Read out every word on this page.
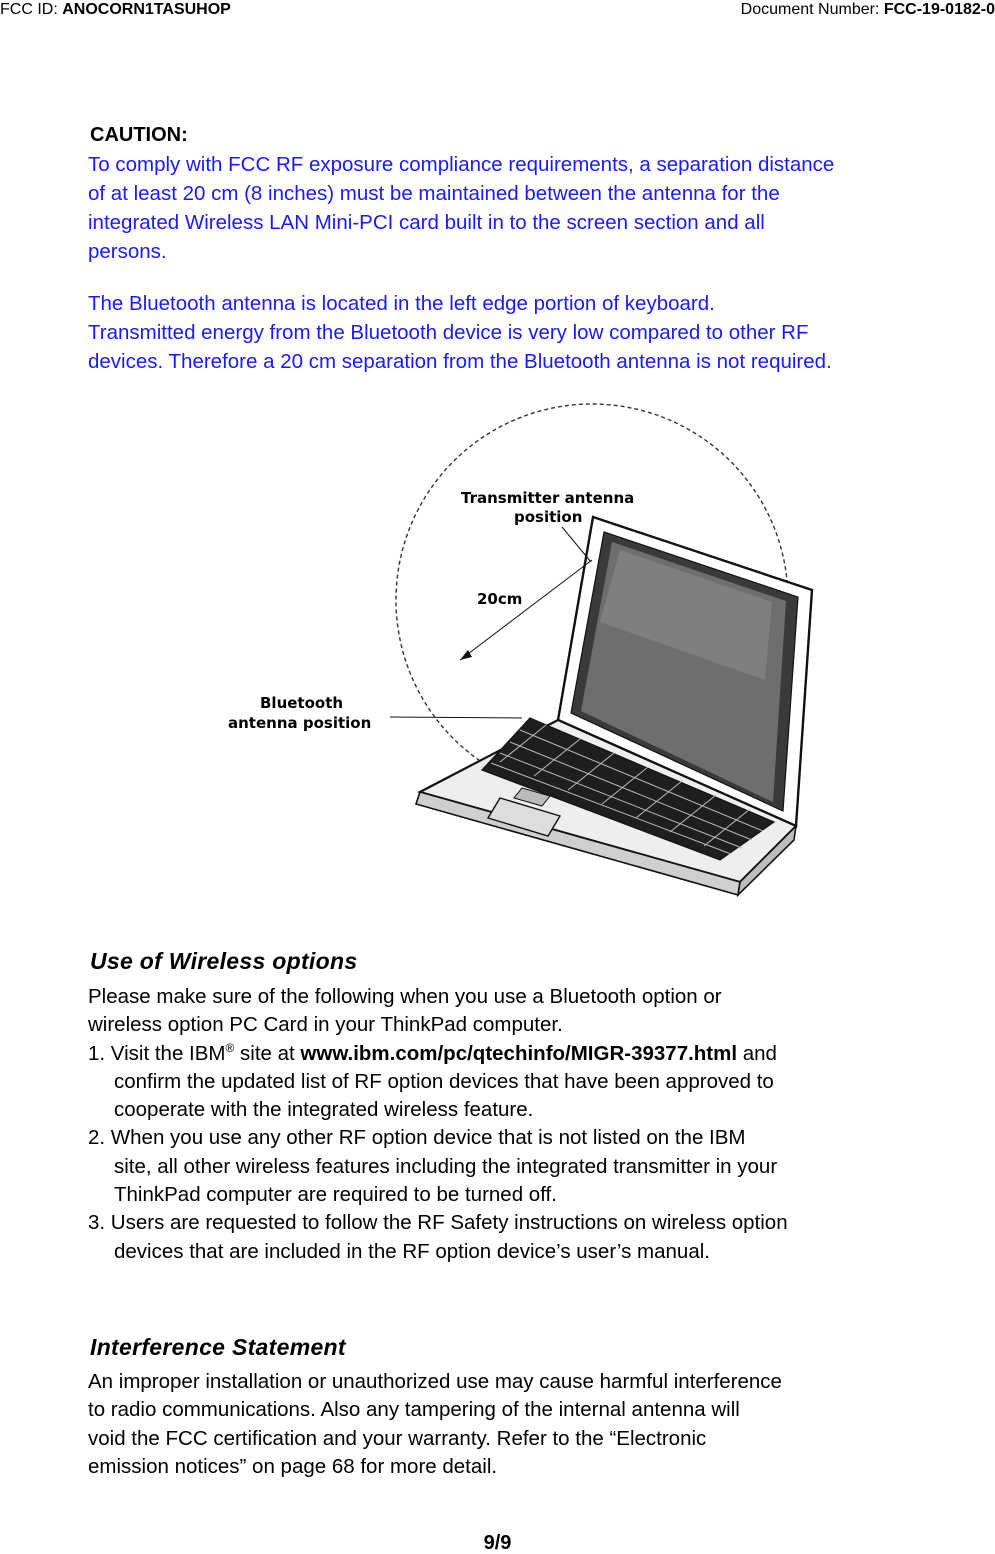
FCC ID: ANOCORN1TASUHOP	Document Number: FCC-19-0182-0
CAUTION:

To comply with FCC RF exposure compliance requirements, a separation distance
of at least 20 cm (8 inches) must be maintained between the antenna for the
integrated Wireless LAN Mini-PCI card built in to the screen section and all
persons.

The Bluetooth antenna is located in the left edge portion of keyboard.
Transmitted energy from the Bluetooth device is very low compared to other RF
devices. Therefore a 20 cm separation from the Bluetooth antenna is not required.

Transmitter antenna
position
20cm
Bluetooth
antenna position
Use of Wireless options
Please make sure of the following when you use a Bluetooth option or
wireless option PC Card in your ThinkPad computer.
1. Visit the IBM® site at www.ibm.com/pc/qtechinfo/MIGR-39377.html and
confirm the updated list of RF option devices that have been approved to
cooperate with the integrated wireless feature.
2. When you use any other RF option device that is not listed on the IBM
site, all other wireless features including the integrated transmitter in your
ThinkPad computer are required to be turned off.
3. Users are requested to follow the RF Safety instructions on wireless option
devices that are included in the RF option device’s user’s manual.
Interference Statement
An improper installation or unauthorized use may cause harmful interference
to radio communications. Also any tampering of the internal antenna will
void the FCC certification and your warranty. Refer to the “Electronic
emission notices” on page 68 for more detail.
9/9
